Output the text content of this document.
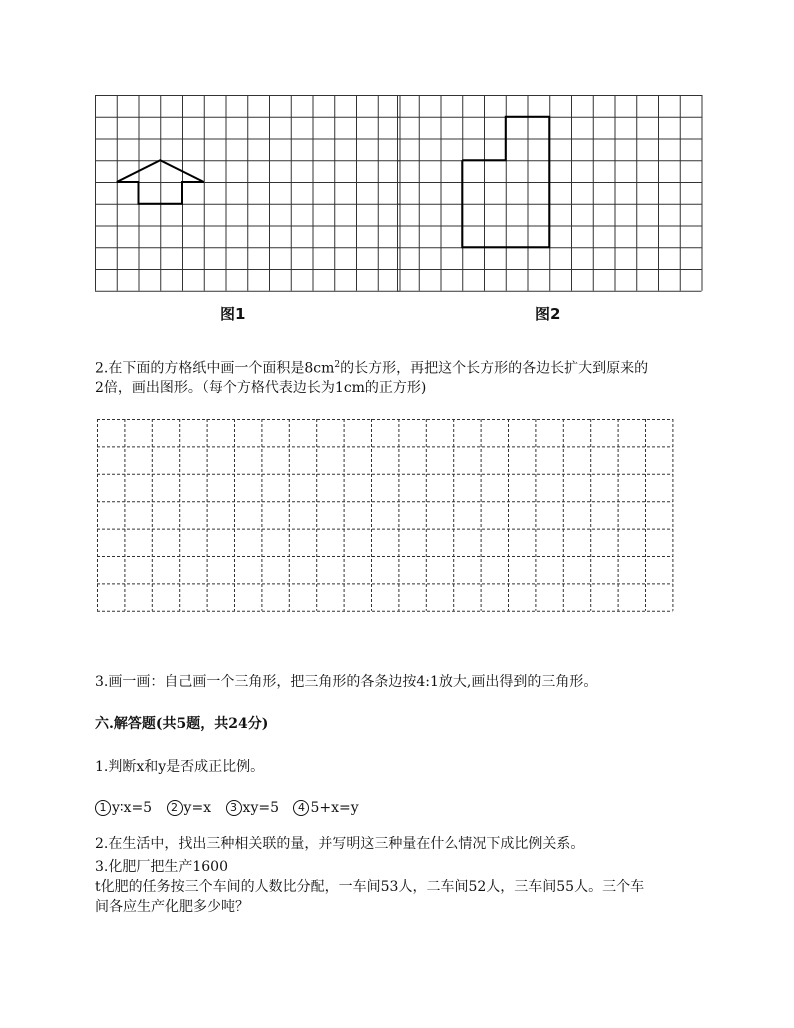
图1	图2
2.在下面的方格纸中画一个面积是$8cm^2$的长方形，再把这个长方形的各边长扩大到原来的
2倍，画出图形。（每个方格代表边长为1cm的正方形)
3.画一画：自己画一个三角形，把三角形的各条边按4:1放大,画出得到的三角形。
六.解答题(共5题，共24分)
1.判断x和y是否成正比例。
1 y∶x=5 2 y=x 3 xy=5 4 5+x=y
2.在生活中，找出三种相关联的量，并写明这三种量在什么情况下成比例关系。
3.化肥厂把生产1600
t化肥的任务按三个车间的人数比分配，一车间53人，二车间52人，三车间55人。三个车
间各应生产化肥多少吨？
